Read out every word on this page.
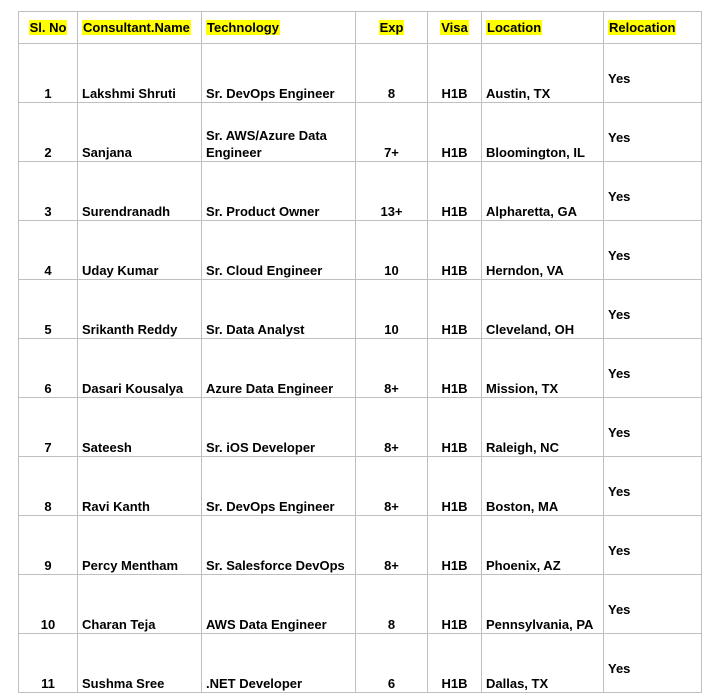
Sl. No	Consultant.Name	Technology	Exp	Visa	Location	Relocation
1	Lakshmi Shruti	Sr. DevOps Engineer	8	H1B	Austin, TX	Yes
2	Sanjana	Sr. AWS/Azure Data Engineer	7+	H1B	Bloomington, IL	Yes
3	Surendranadh	Sr. Product Owner	13+	H1B	Alpharetta, GA	Yes
4	Uday Kumar	Sr. Cloud Engineer	10	H1B	Herndon, VA	Yes
5	Srikanth Reddy	Sr. Data Analyst	10	H1B	Cleveland, OH	Yes
6	Dasari Kousalya	Azure Data Engineer	8+	H1B	Mission, TX	Yes
7	Sateesh	Sr. iOS Developer	8+	H1B	Raleigh, NC	Yes
8	Ravi Kanth	Sr. DevOps Engineer	8+	H1B	Boston, MA	Yes
9	Percy Mentham	Sr. Salesforce DevOps	8+	H1B	Phoenix, AZ	Yes
10	Charan Teja	AWS Data Engineer	8	H1B	Pennsylvania, PA	Yes
11	Sushma Sree	.NET Developer	6	H1B	Dallas, TX	Yes
